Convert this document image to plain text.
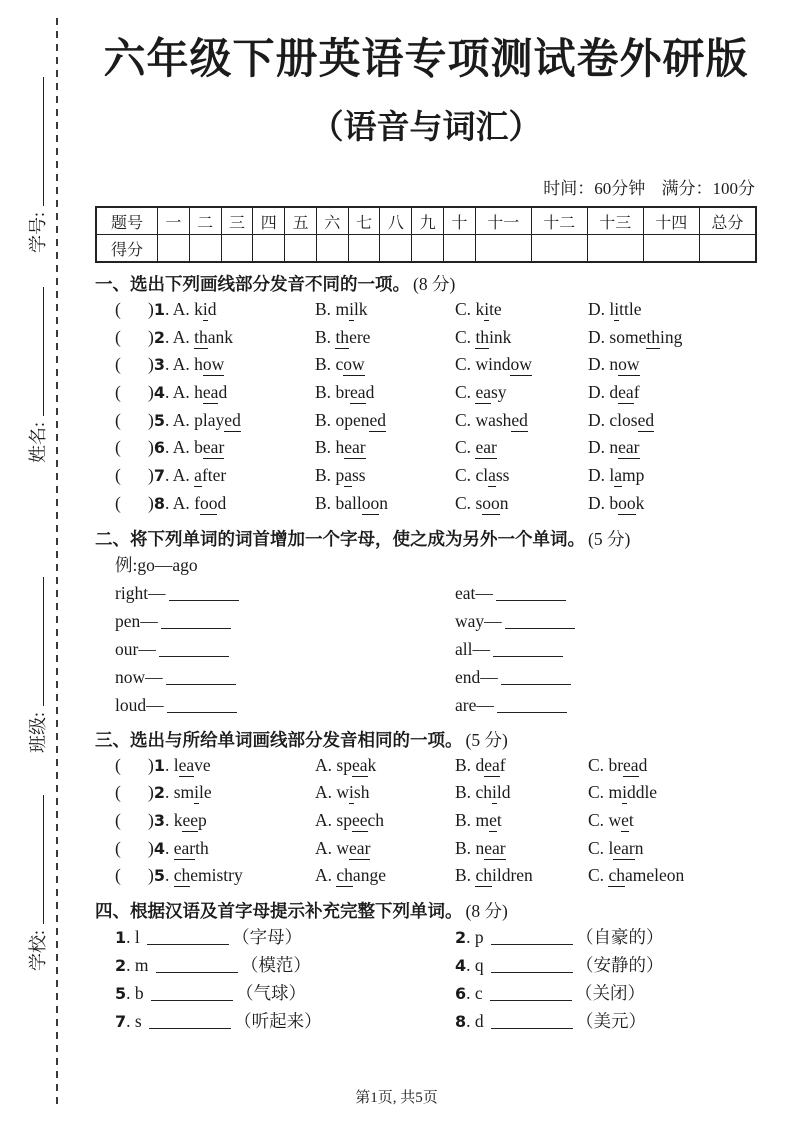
学号:
姓名:
班级:
学校:
六年级下册英语专项测试卷外研版
（语音与词汇）
时间：60分钟 满分：100分
题号	一	二	三	四	五	六	七	八	九	十	十一	十二	十三	十四	总分
得分															
一、选出下列画线部分发音不同的一项。 (8 分)
(	)1. A. kid	B. milk	C. kite	D. little
(	)2. A. thank	B. there	C. think	D. something
(	)3. A. how	B. cow	C. window	D. now
(	)4. A. head	B. bread	C. easy	D. deaf
(	)5. A. played	B. opened	C. washed	D. closed
(	)6. A. bear	B. hear	C. ear	D. near
(	)7. A. after	B. pass	C. class	D. lamp
(	)8. A. food	B. balloon	C. soon	D. book
二、将下列单词的词首增加一个字母，使之成为另外一个单词。 (5 分)
例:go—ago
right—	eat—
pen—	way—
our—	all—
now—	end—
loud—	are—
三、选出与所给单词画线部分发音相同的一项。 (5 分)
(	)1. leave	A. speak	B. deaf	C. bread
(	)2. smile	A. wish	B. child	C. middle
(	)3. keep	A. speech	B. met	C. wet
(	)4. earth	A. wear	B. near	C. learn
(	)5. chemistry	A. change	B. children	C. chameleon
四、根据汉语及首字母提示补充完整下列单词。 (8 分)
1. l	（字母）	2. p	（自豪的）
2. m	（模范）	4. q	（安静的）
5. b	（气球）	6. c	（关闭）
7. s	（听起来）	8. d	（美元）
第1页, 共5页
